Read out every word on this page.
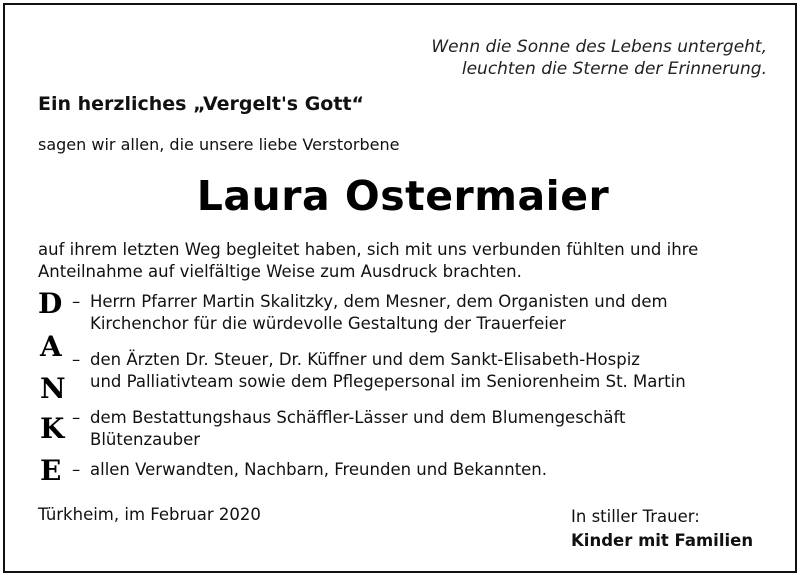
Wenn die Sonne des Lebens untergeht,
leuchten die Sterne der Erinnerung.
Ein herzliches „Vergelt's Gott“
sagen wir allen, die unsere liebe Verstorbene
Laura Ostermaier
auf ihrem letzten Weg begleitet haben, sich mit uns verbunden fühlten und ihre
Anteilnahme auf vielfältige Weise zum Ausdruck brachten.
D
A
N
K
E
– Herrn Pfarrer Martin Skalitzky, dem Mesner, dem Organisten und dem
Kirchenchor für die würdevolle Gestaltung der Trauerfeier
– den Ärzten Dr. Steuer, Dr. Küffner und dem Sankt-Elisabeth-Hospiz
und Palliativteam sowie dem Pflegepersonal im Seniorenheim St. Martin
– dem Bestattungshaus Schäffler-Lässer und dem Blumengeschäft
Blütenzauber
– allen Verwandten, Nachbarn, Freunden und Bekannten.
Türkheim, im Februar 2020	In stiller Trauer:
Kinder mit Familien
